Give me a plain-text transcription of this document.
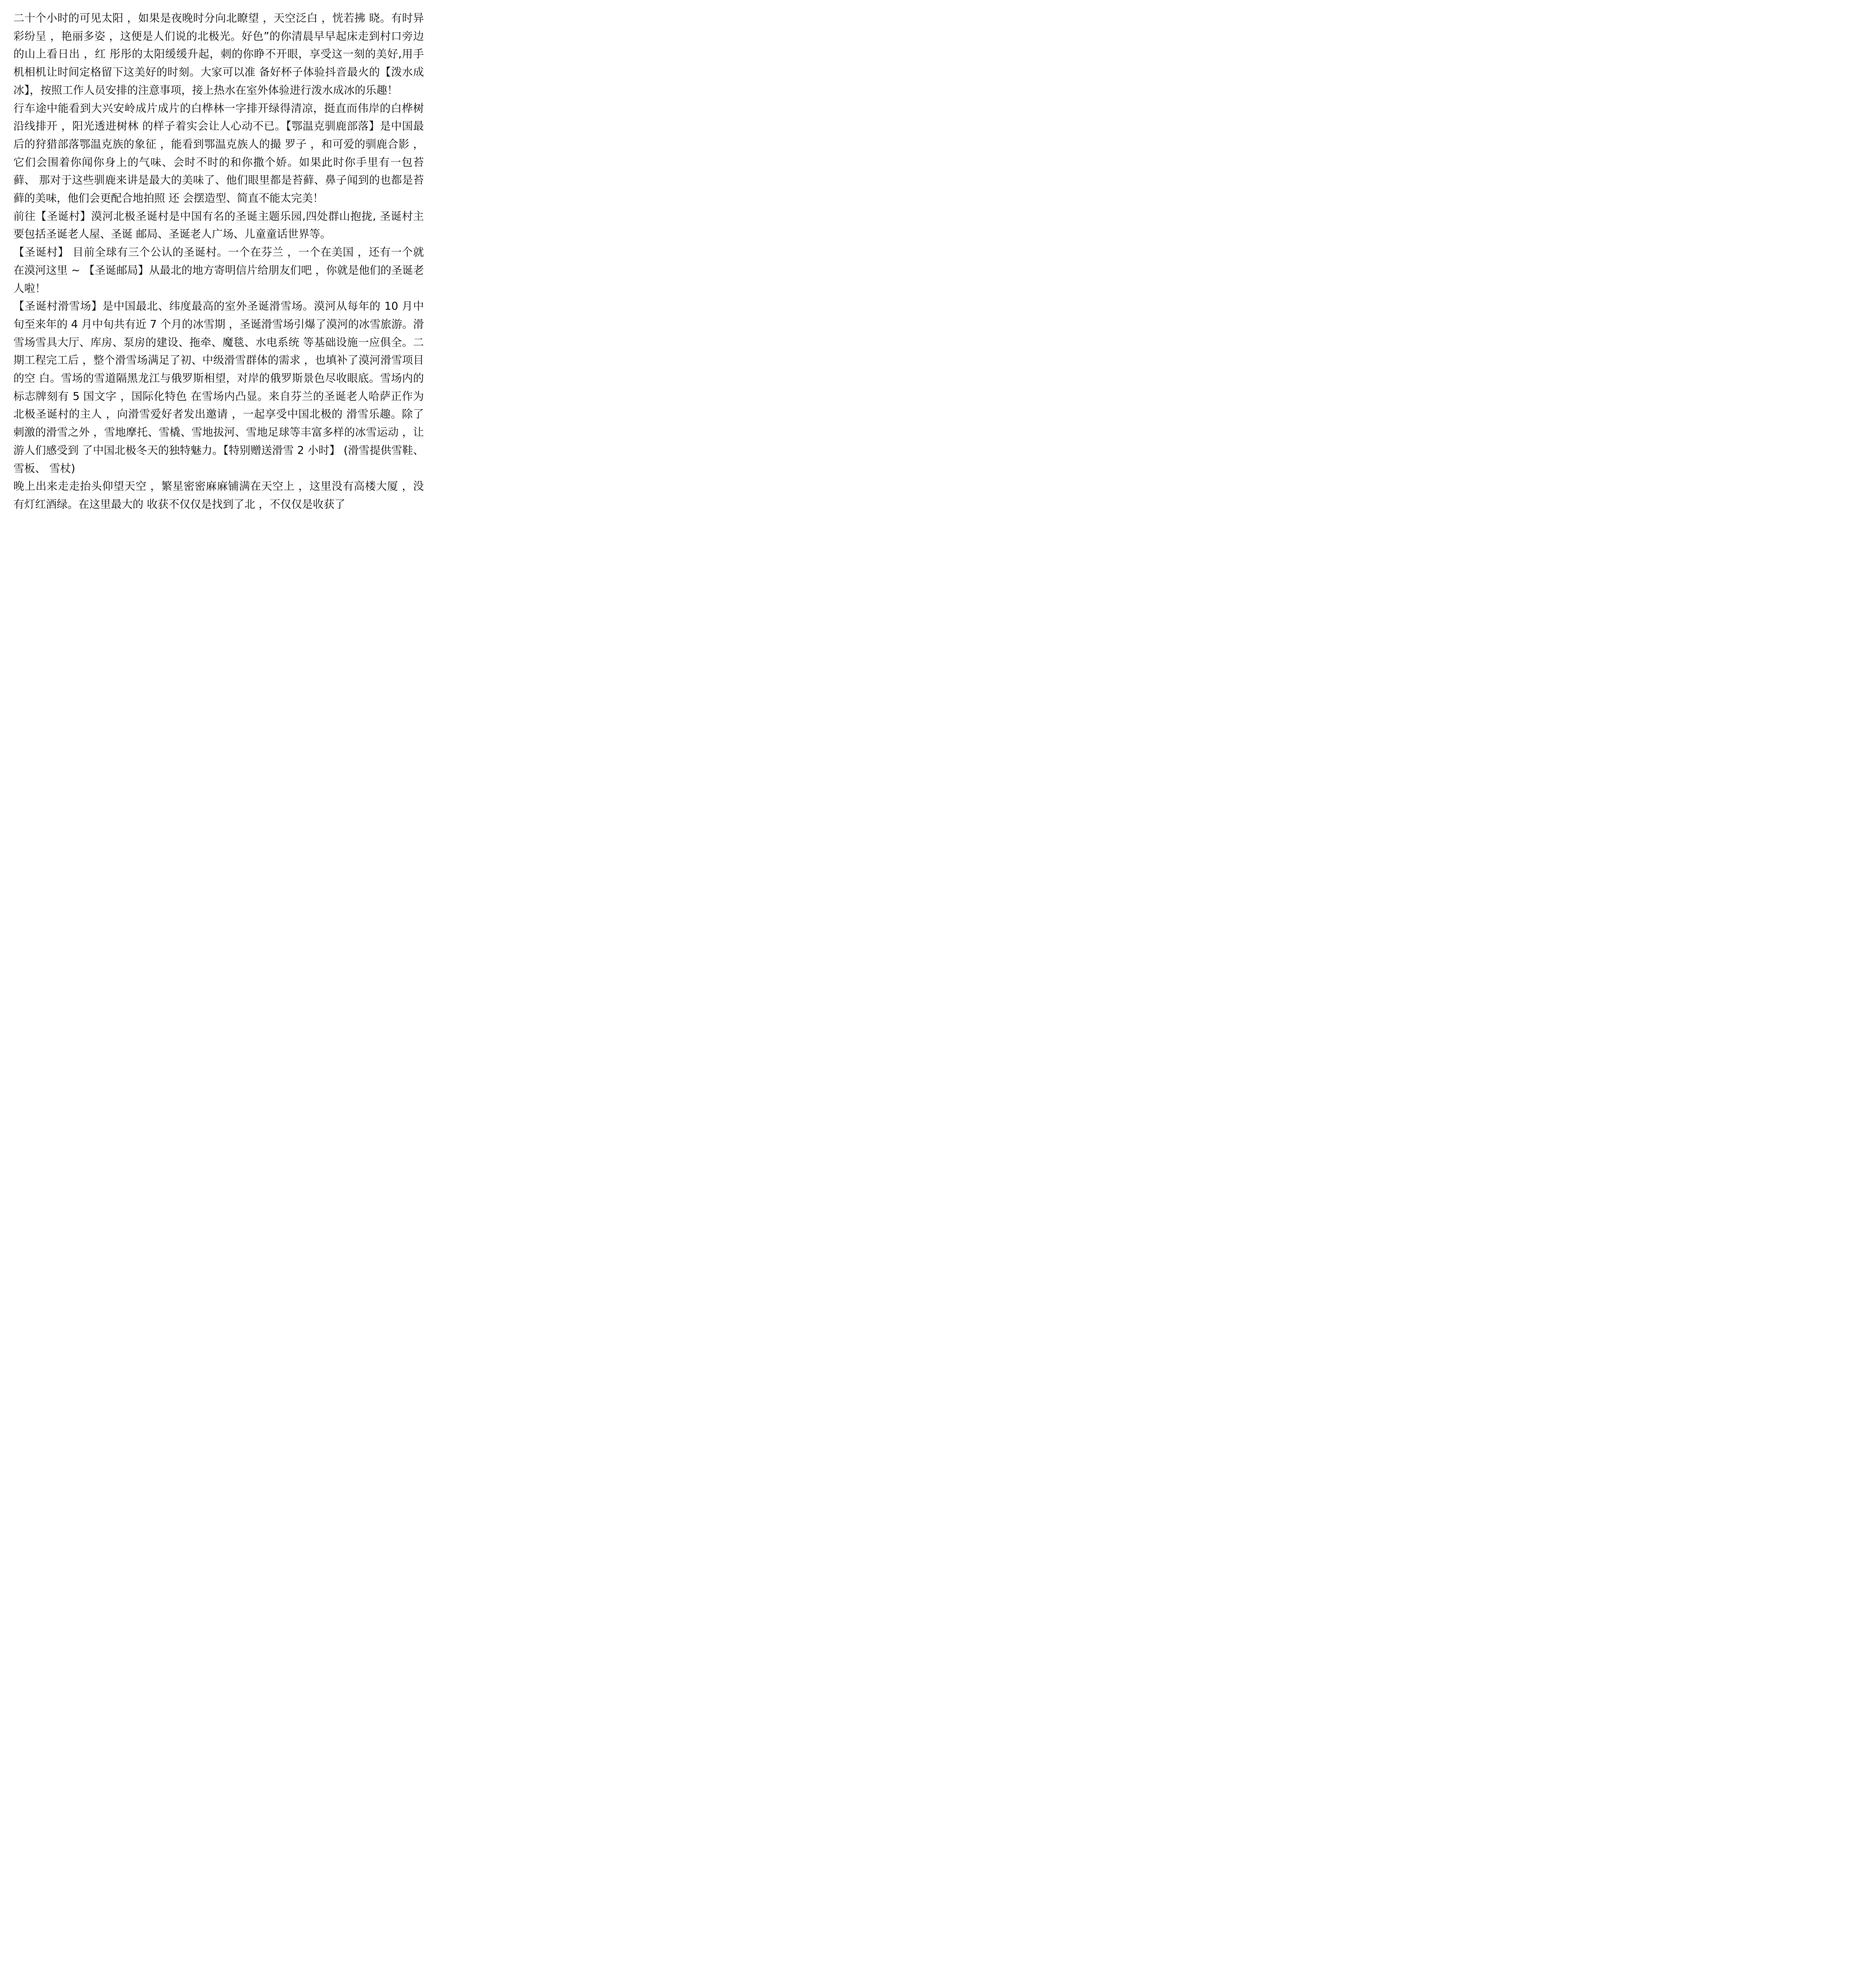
二十个小时的可见太阳 ，如果是夜晚时分向北瞭望 ，天空泛白 ，恍若拂 晓。有时异彩纷呈 ，艳丽多姿 ，这便是人们说的北极光。好色”的你清晨早早起床走到村口旁边的山上看日出 ，红 彤彤的太阳缓缓升起，刺的你睁不开眼，享受这一刻的美好,用手机相机让时间定格留下这美好的时刻。大家可以准 备好杯子体验抖音最火的【泼水成冰】，按照工作人员安排的注意事项，接上热水在室外体验进行泼水成冰的乐趣！

行车途中能看到大兴安岭成片成片的白桦林一字排开绿得清凉，挺直而伟岸的白桦树沿线排开 ，阳光透进树林 的样子着实会让人心动不已。【鄂温克驯鹿部落】是中国最后的狩猎部落鄂温克族的象征 ，能看到鄂温克族人的撮 罗子 ，和可爱的驯鹿合影 ，它们会围着你闻你身上的气味、会时不时的和你撒个娇。如果此时你手里有一包苔藓、 那对于这些驯鹿来讲是最大的美味了、他们眼里都是苔藓、鼻子闻到的也都是苔藓的美味，他们会更配合地拍照 还 会摆造型、简直不能太完美！

前往【圣诞村】漠河北极圣诞村是中国有名的圣诞主题乐园,四处群山抱拢, 圣诞村主要包括圣诞老人屋、圣诞 邮局、圣诞老人广场、儿童童话世界等。

【圣诞村】 目前全球有三个公认的圣诞村。一个在芬兰 ，一个在美国 ，还有一个就在漠河这里 ~ 【圣诞邮局】从最北的地方寄明信片给朋友们吧 ，你就是他们的圣诞老人啦！

【圣诞村滑雪场】是中国最北、纬度最高的室外圣诞滑雪场。漠河从每年的 10 月中旬至来年的 4 月中旬共有近 7 个月的冰雪期 ，圣诞滑雪场引爆了漠河的冰雪旅游。滑雪场雪具大厅、库房、泵房的建设、拖牵、魔毯、水电系统 等基础设施一应俱全。二期工程完工后 ，整个滑雪场满足了初、中级滑雪群体的需求 ，也填补了漠河滑雪项目的空 白。雪场的雪道隔黑龙江与俄罗斯相望，对岸的俄罗斯景色尽收眼底。雪场内的标志牌刻有 5 国文字 ，国际化特色 在雪场内凸显。来自芬兰的圣诞老人哈萨正作为北极圣诞村的主人 ，向滑雪爱好者发出邀请 ，一起享受中国北极的 滑雪乐趣。除了刺激的滑雪之外 ，雪地摩托、雪橇、雪地拔河、雪地足球等丰富多样的冰雪运动 ，让游人们感受到 了中国北极冬天的独特魅力。【特别赠送滑雪 2 小时】 (滑雪提供雪鞋、 雪板、 雪杖)

晚上出来走走抬头仰望天空 ，繁星密密麻麻铺满在天空上 ，这里没有高楼大厦 ，没有灯红酒绿。在这里最大的 收获不仅仅是找到了北 ，不仅仅是收获了
